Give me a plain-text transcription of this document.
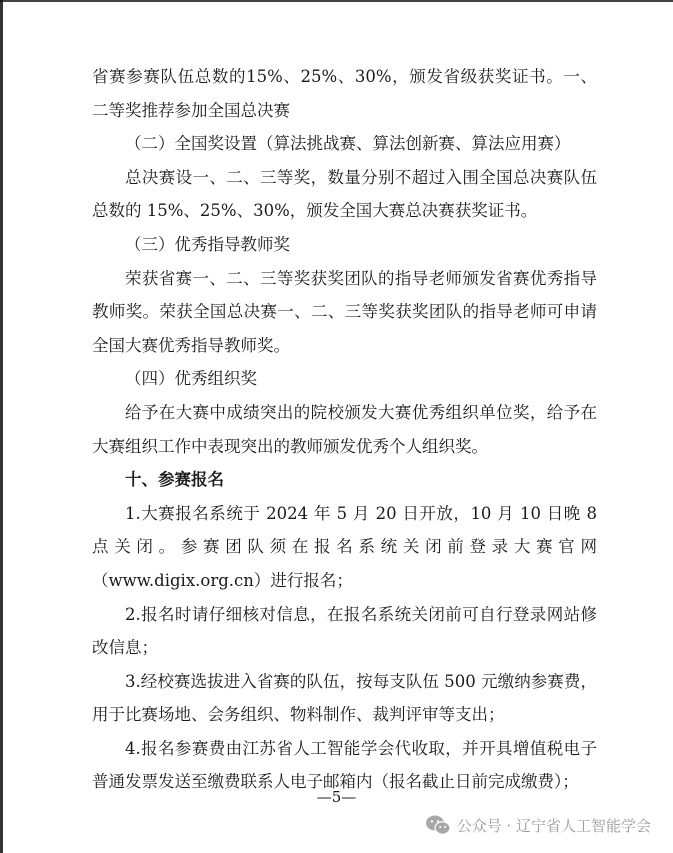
省赛参赛队伍总数的15%、25%、30%，颁发省级获奖证书。一、二等奖推荐参加全国总决赛

（二）全国奖设置（算法挑战赛、算法创新赛、算法应用赛）

总决赛设一、二、三等奖，数量分别不超过入围全国总决赛队伍总数的 15%、25%、30%，颁发全国大赛总决赛获奖证书。

（三）优秀指导教师奖

荣获省赛一、二、三等奖获奖团队的指导老师颁发省赛优秀指导教师奖。荣获全国总决赛一、二、三等奖获奖团队的指导老师可申请全国大赛优秀指导教师奖。

（四）优秀组织奖

给予在大赛中成绩突出的院校颁发大赛优秀组织单位奖，给予在大赛组织工作中表现突出的教师颁发优秀个人组织奖。

十、参赛报名

1.大赛报名系统于 2024 年 5 月 20 日开放，10 月 10 日晚 8 点关闭。参赛团队须在报名系统关闭前登录大赛官网（www.digix.org.cn）进行报名；

2.报名时请仔细核对信息，在报名系统关闭前可自行登录网站修改信息；

3.经校赛选拔进入省赛的队伍，按每支队伍 500 元缴纳参赛费，用于比赛场地、会务组织、物料制作、裁判评审等支出；

4.报名参赛费由江苏省人工智能学会代收取，并开具增值税电子普通发票发送至缴费联系人电子邮箱内（报名截止日前完成缴费）；

—5—
公众号 · 辽宁省人工智能学会
